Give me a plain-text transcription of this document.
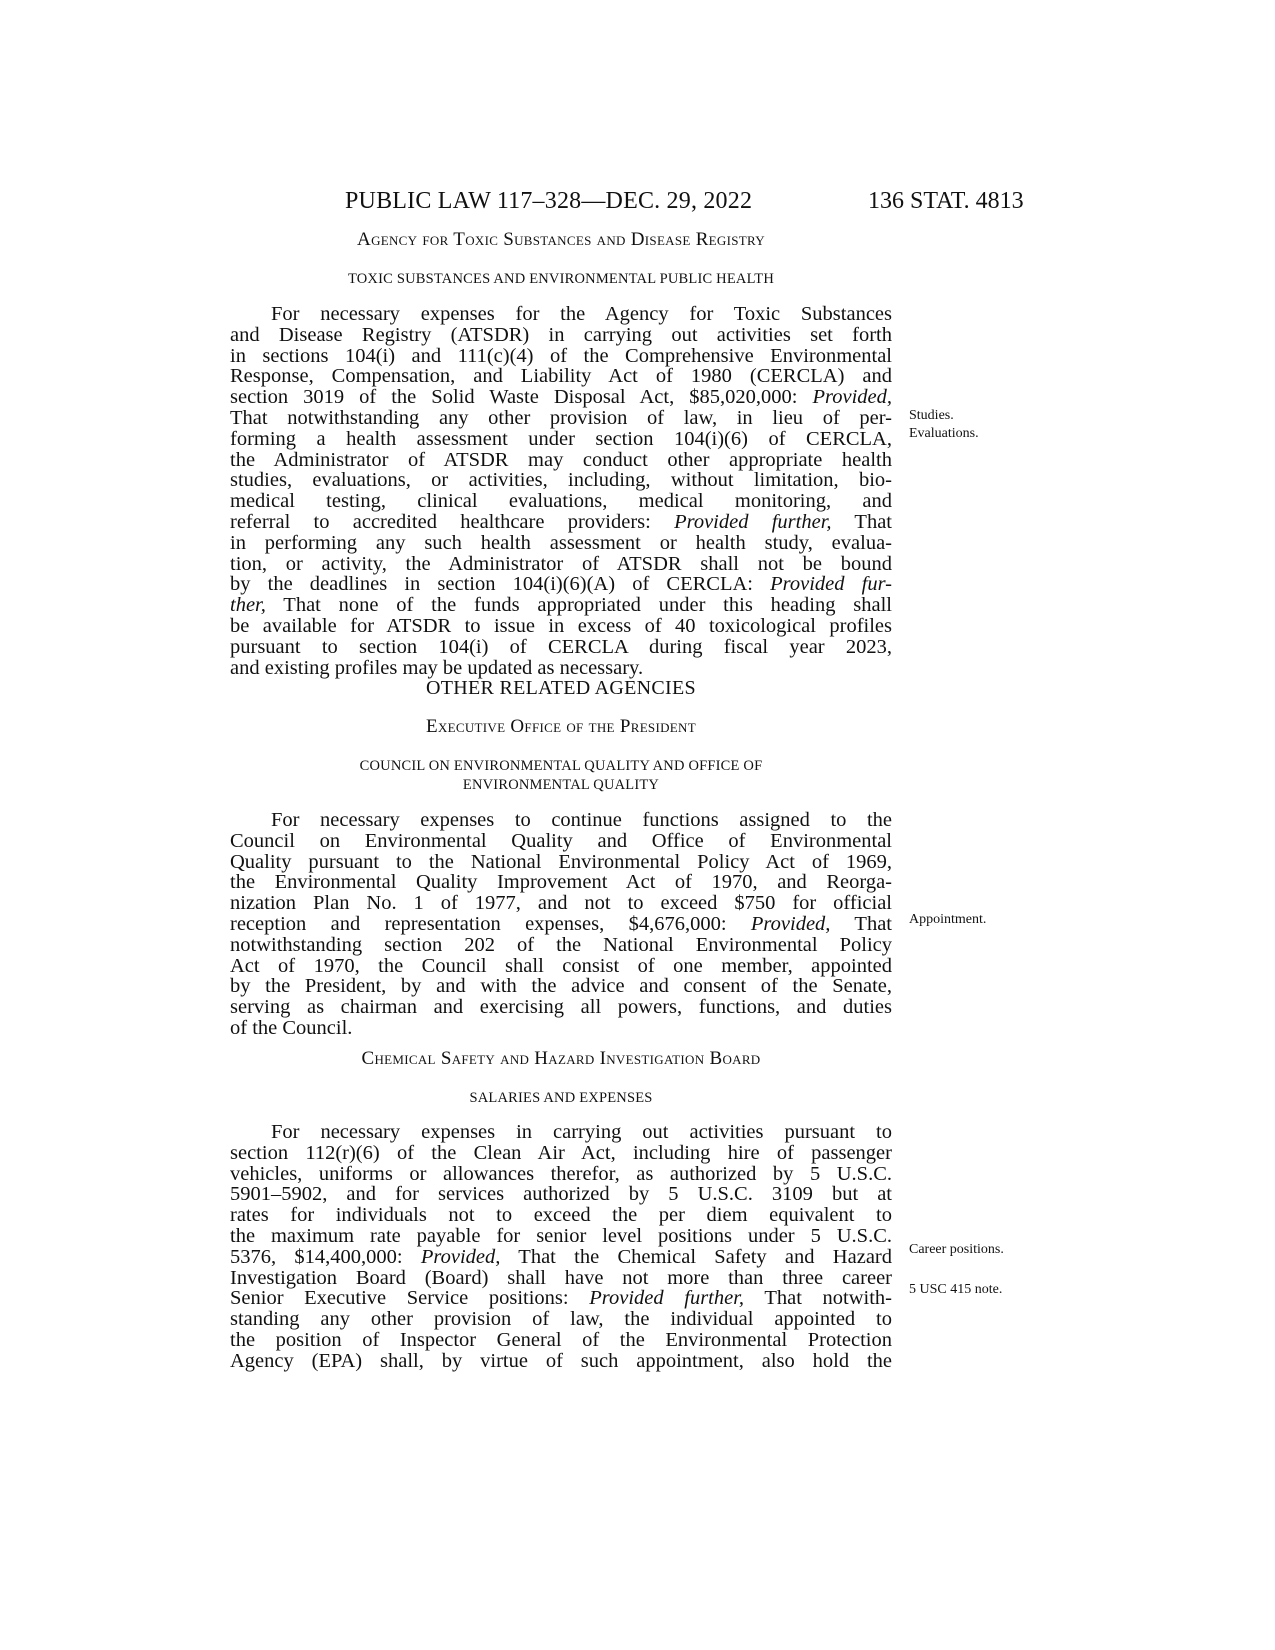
PUBLIC LAW 117–328—DEC. 29, 2022	136 STAT. 4813
Agency for Toxic Substances and Disease Registry
TOXIC SUBSTANCES AND ENVIRONMENTAL PUBLIC HEALTH
For necessary expenses for the Agency for Toxic Substances
and Disease Registry (ATSDR) in carrying out activities set forth
in sections 104(i) and 111(c)(4) of the Comprehensive Environmental
Response, Compensation, and Liability Act of 1980 (CERCLA) and
section 3019 of the Solid Waste Disposal Act, $85,020,000: Provided,
That notwithstanding any other provision of law, in lieu of per-
forming a health assessment under section 104(i)(6) of CERCLA,
the Administrator of ATSDR may conduct other appropriate health
studies, evaluations, or activities, including, without limitation, bio-
medical testing, clinical evaluations, medical monitoring, and
referral to accredited healthcare providers: Provided further, That
in performing any such health assessment or health study, evalua-
tion, or activity, the Administrator of ATSDR shall not be bound
by the deadlines in section 104(i)(6)(A) of CERCLA: Provided fur-
ther, That none of the funds appropriated under this heading shall
be available for ATSDR to issue in excess of 40 toxicological profiles
pursuant to section 104(i) of CERCLA during fiscal year 2023,
and existing profiles may be updated as necessary.
Studies.
Evaluations.
OTHER RELATED AGENCIES
Executive Office of the President
COUNCIL ON ENVIRONMENTAL QUALITY AND OFFICE OF
ENVIRONMENTAL QUALITY
For necessary expenses to continue functions assigned to the
Council on Environmental Quality and Office of Environmental
Quality pursuant to the National Environmental Policy Act of 1969,
the Environmental Quality Improvement Act of 1970, and Reorga-
nization Plan No. 1 of 1977, and not to exceed $750 for official
reception and representation expenses, $4,676,000: Provided, That
notwithstanding section 202 of the National Environmental Policy
Act of 1970, the Council shall consist of one member, appointed
by the President, by and with the advice and consent of the Senate,
serving as chairman and exercising all powers, functions, and duties
of the Council.
Appointment.
Chemical Safety and Hazard Investigation Board
SALARIES AND EXPENSES
For necessary expenses in carrying out activities pursuant to
section 112(r)(6) of the Clean Air Act, including hire of passenger
vehicles, uniforms or allowances therefor, as authorized by 5 U.S.C.
5901–5902, and for services authorized by 5 U.S.C. 3109 but at
rates for individuals not to exceed the per diem equivalent to
the maximum rate payable for senior level positions under 5 U.S.C.
5376, $14,400,000: Provided, That the Chemical Safety and Hazard
Investigation Board (Board) shall have not more than three career
Senior Executive Service positions: Provided further, That notwith-
standing any other provision of law, the individual appointed to
the position of Inspector General of the Environmental Protection
Agency (EPA) shall, by virtue of such appointment, also hold the
Career positions.
5 USC 415 note.
